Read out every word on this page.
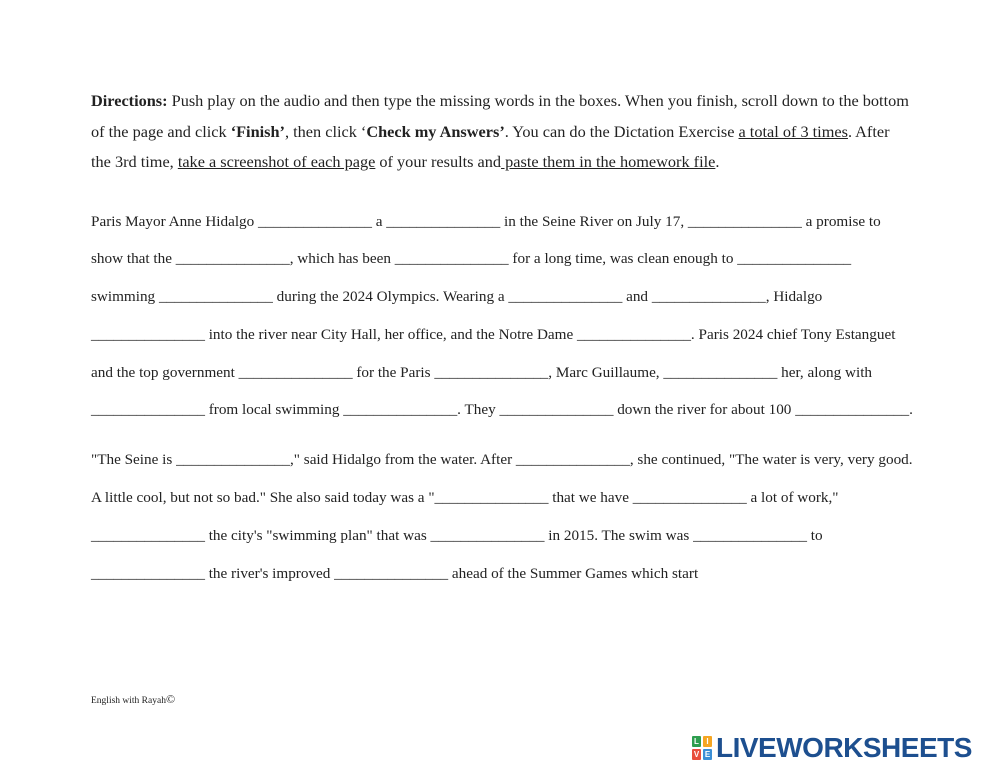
Directions: Push play on the audio and then type the missing words in the boxes. When you finish, scroll down to the bottom of the page and click ‘Finish’, then click ‘Check my Answers’. You can do the Dictation Exercise a total of 3 times. After the 3rd time, take a screenshot of each page of your results and paste them in the homework file.

Paris Mayor Anne Hidalgo _______________ a _______________ in the Seine River on July 17, _______________ a promise to show that the _______________, which has been _______________ for a long time, was clean enough to _______________ swimming _______________ during the 2024 Olympics. Wearing a _______________ and _______________, Hidalgo _______________ into the river near City Hall, her office, and the Notre Dame _______________. Paris 2024 chief Tony Estanguet and the top government _______________ for the Paris _______________, Marc Guillaume, _______________ her, along with _______________ from local swimming _______________. They _______________ down the river for about 100 _______________.

"The Seine is _______________," said Hidalgo from the water. After _______________, she continued, "The water is very, very good. A little cool, but not so bad." She also said today was a "_______________ that we have _______________ a lot of work," _______________ the city's "swimming plan" that was _______________ in 2015. The swim was _______________ to _______________ the river's improved _______________ ahead of the Summer Games which start

English with Rayah©
L I
V E LIVEWORKSHEETS
